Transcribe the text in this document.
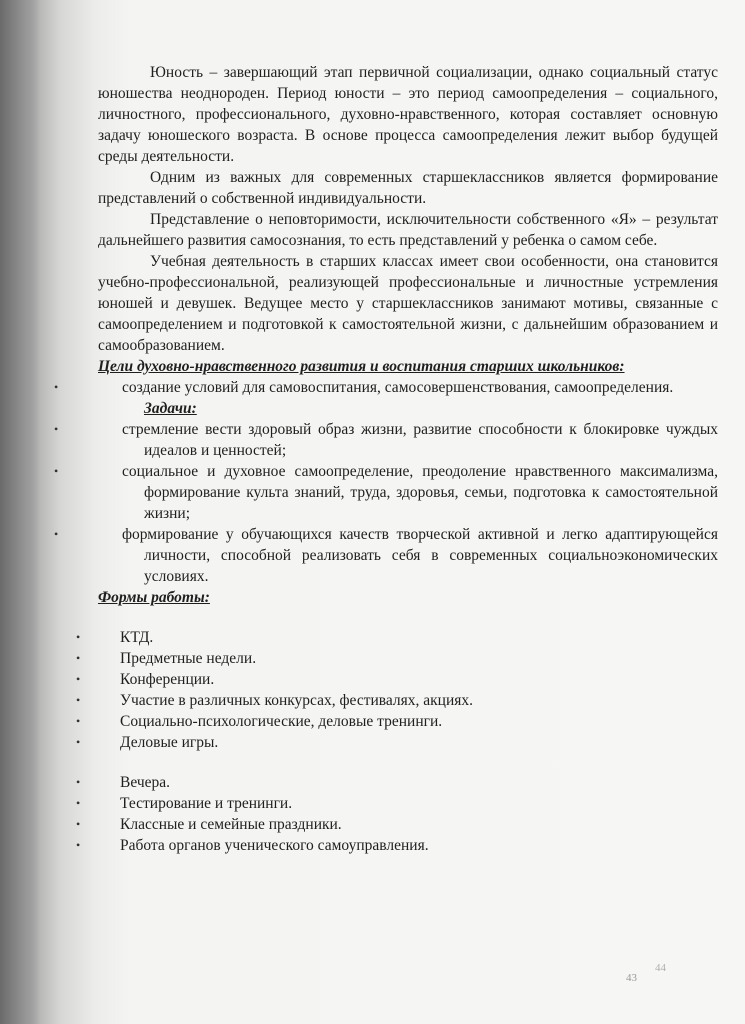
Юность – завершающий этап первичной социализации, однако социальный статус юношества неоднороден. Период юности – это период самоопределения – социального, личностного, профессионального, духовно-нравственного, которая составляет основную задачу юношеского возраста. В основе процесса самоопределения лежит выбор будущей среды деятельности.

Одним из важных для современных старшеклассников является формирование представлений о собственной индивидуальности.

Представление о неповторимости, исключительности собственного «Я» – результат дальнейшего развития самосознания, то есть представлений у ребенка о самом себе.

Учебная деятельность в старших классах имеет свои особенности, она становится учебно-профессиональной, реализующей профессиональные и личностные устремления юношей и девушек. Ведущее место у старшеклассников занимают мотивы, связанные с самоопределением и подготовкой к самостоятельной жизни, с дальнейшим образованием и самообразованием.

Цели духовно-нравственного развития и воспитания старших школьников:

•	создание условий для самовоспитания, самосовершенствования, самоопределения.

Задачи:

•	стремление вести здоровый образ жизни, развитие способности к блокировке чуждых идеалов и ценностей;
•	социальное и духовное самоопределение, преодоление нравственного максимализма, формирование культа знаний, труда, здоровья, семьи, подготовка к самостоятельной жизни;
•	формирование у обучающихся качеств творческой активной и легко адаптирующейся личности, способной реализовать себя в современных социальноэкономических условиях.

Формы работы:

•	КТД.
•	Предметные недели.
•	Конференции.
•	Участие в различных конкурсах, фестивалях, акциях.
•	Социально-психологические, деловые тренинги.
•	Деловые игры.
•	Вечера.
•	Тестирование и тренинги.
•	Классные и семейные праздники.
•	Работа органов ученического самоуправления.
44
43
